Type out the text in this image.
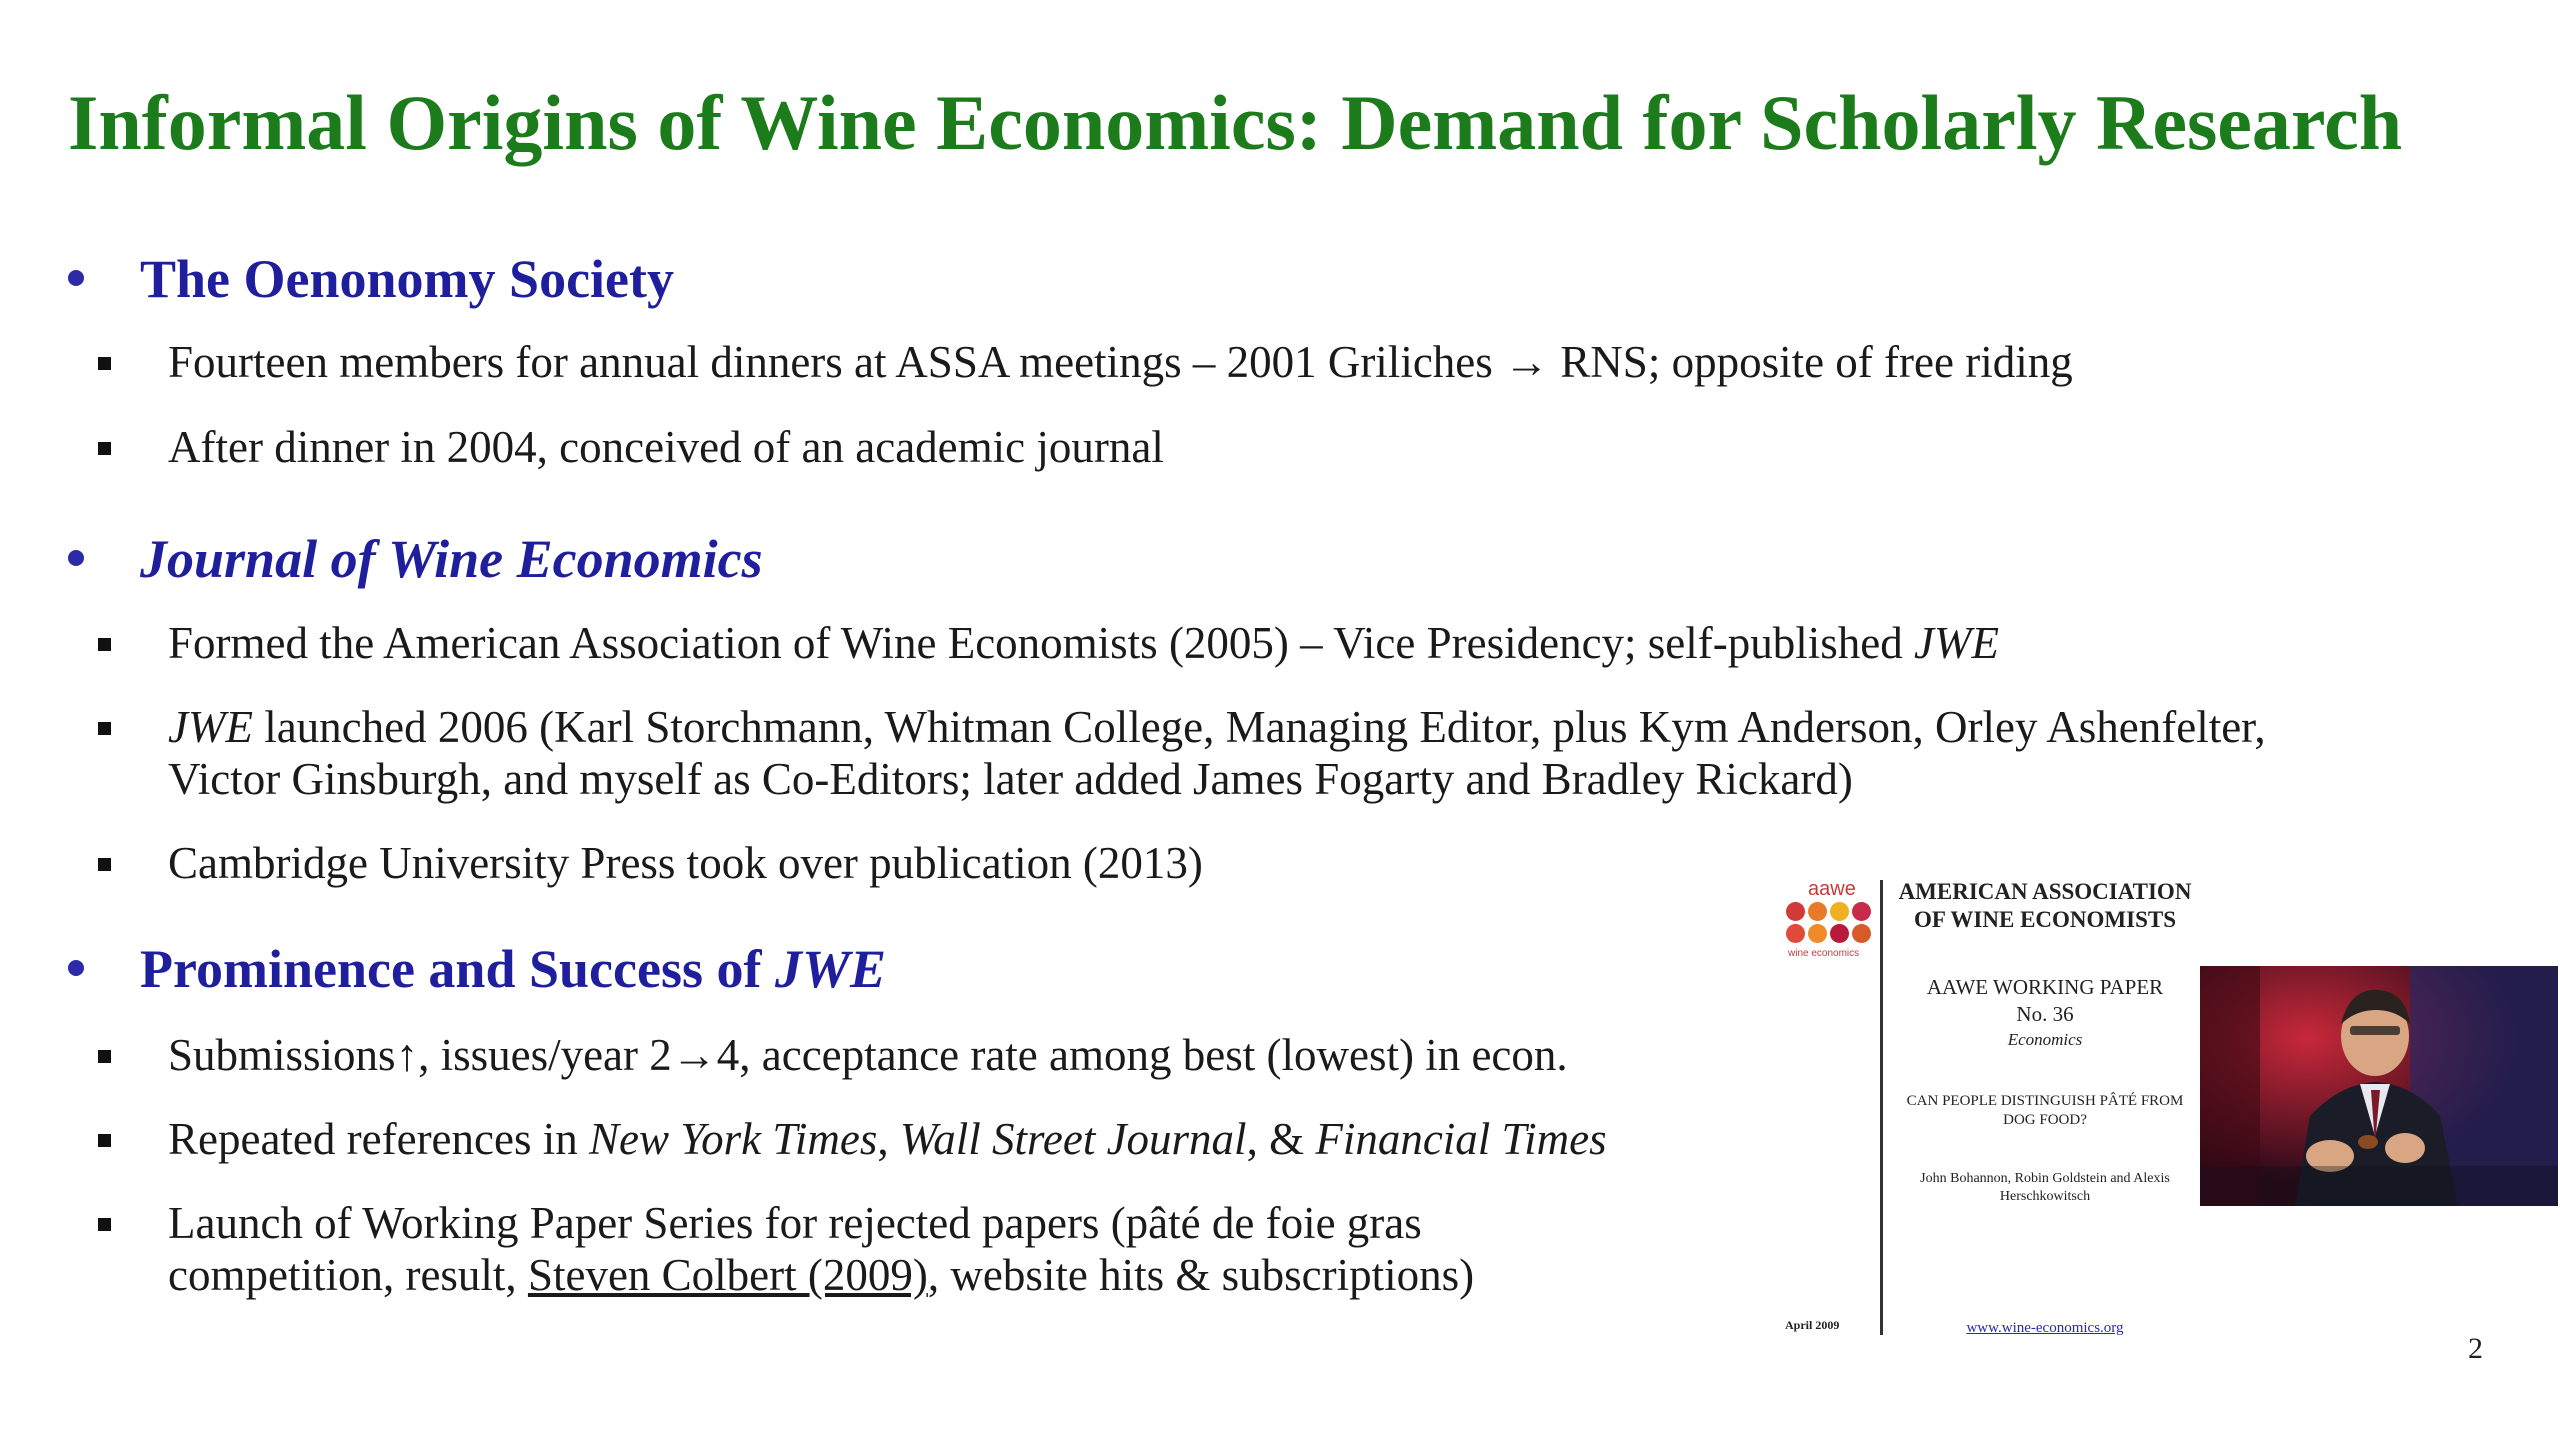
Informal Origins of Wine Economics: Demand for Scholarly Research
The Oenonomy Society
Fourteen members for annual dinners at ASSA meetings – 2001 Griliches → RNS; opposite of free riding
After dinner in 2004, conceived of an academic journal
Journal of Wine Economics
Formed the American Association of Wine Economists (2005) – Vice Presidency; self-published JWE
JWE launched 2006 (Karl Storchmann, Whitman College, Managing Editor, plus Kym Anderson, Orley Ashenfelter, Victor Ginsburgh, and myself as Co-Editors; later added James Fogarty and Bradley Rickard)
Cambridge University Press took over publication (2013)
Prominence and Success of JWE
Submissions↑, issues/year 2→4, acceptance rate among best (lowest) in econ.
Repeated references in New York Times, Wall Street Journal, & Financial Times
Launch of Working Paper Series for rejected papers (pâté de foie gras competition, result, Steven Colbert (2009), website hits & subscriptions)
aawe
wine economics
AMERICAN ASSOCIATION OF WINE ECONOMISTS
AAWE WORKING PAPER
No. 36
Economics
CAN PEOPLE DISTINGUISH PÂTÉ FROM DOG FOOD?
John Bohannon, Robin Goldstein and Alexis Herschkowitsch
April 2009	www.wine-economics.org
2
